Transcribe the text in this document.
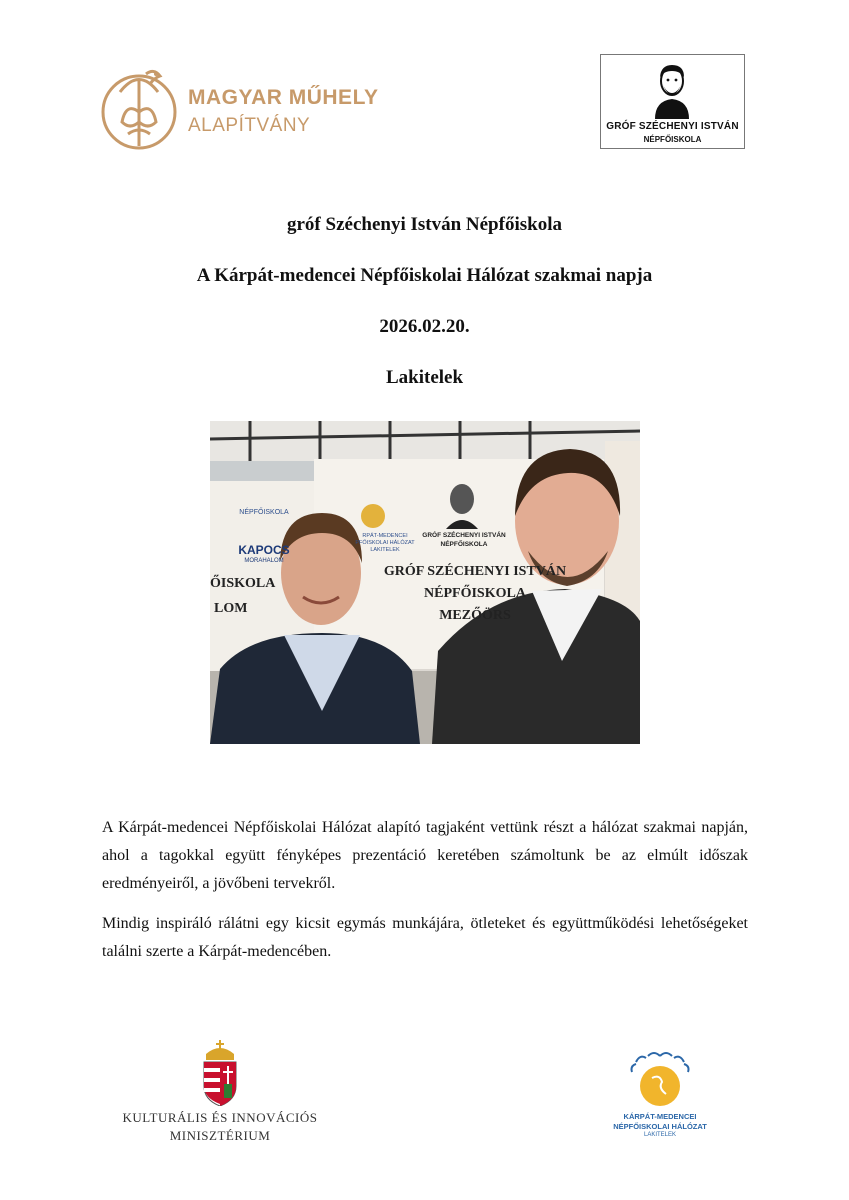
MAGYAR MŰHELY
ALAPÍTVÁNY	GRÓF SZÉCHENYI ISTVÁN
NÉPFŐISKOLA
gróf Széchenyi István Népfőiskola
A Kárpát-medencei Népfőiskolai Hálózat szakmai napja
2026.02.20.
Lakitelek
NÉPFŐISKOLA
KAPOCS
MORAHALOM
ŐISKOLA
LOM
RPÁT-MEDENCEI
PFŐISKOLAI HÁLÓZAT
LAKITELEK
GRÓF SZÉCHENYI ISTVÁN
NÉPFŐISKOLA
GRÓF SZÉCHENYI ISTVÁN
NÉPFŐISKOLA
MEZŐÖRS
A Kárpát-medencei Népfőiskolai Hálózat alapító tagjaként vettünk részt a hálózat szakmai napján, ahol a tagokkal együtt fényképes prezentáció keretében számoltunk be az elmúlt időszak eredményeiről, a jövőbeni tervekről.
Mindig inspiráló rálátni egy kicsit egymás munkájára, ötleteket és együttműködési lehetőségeket találni szerte a Kárpát-medencében.
KULTURÁLIS ÉS INNOVÁCIÓS
MINISZTÉRIUM
KÁRPÁT-MEDENCEI
NÉPFŐISKOLAI HÁLÓZAT
LAKITELEK
